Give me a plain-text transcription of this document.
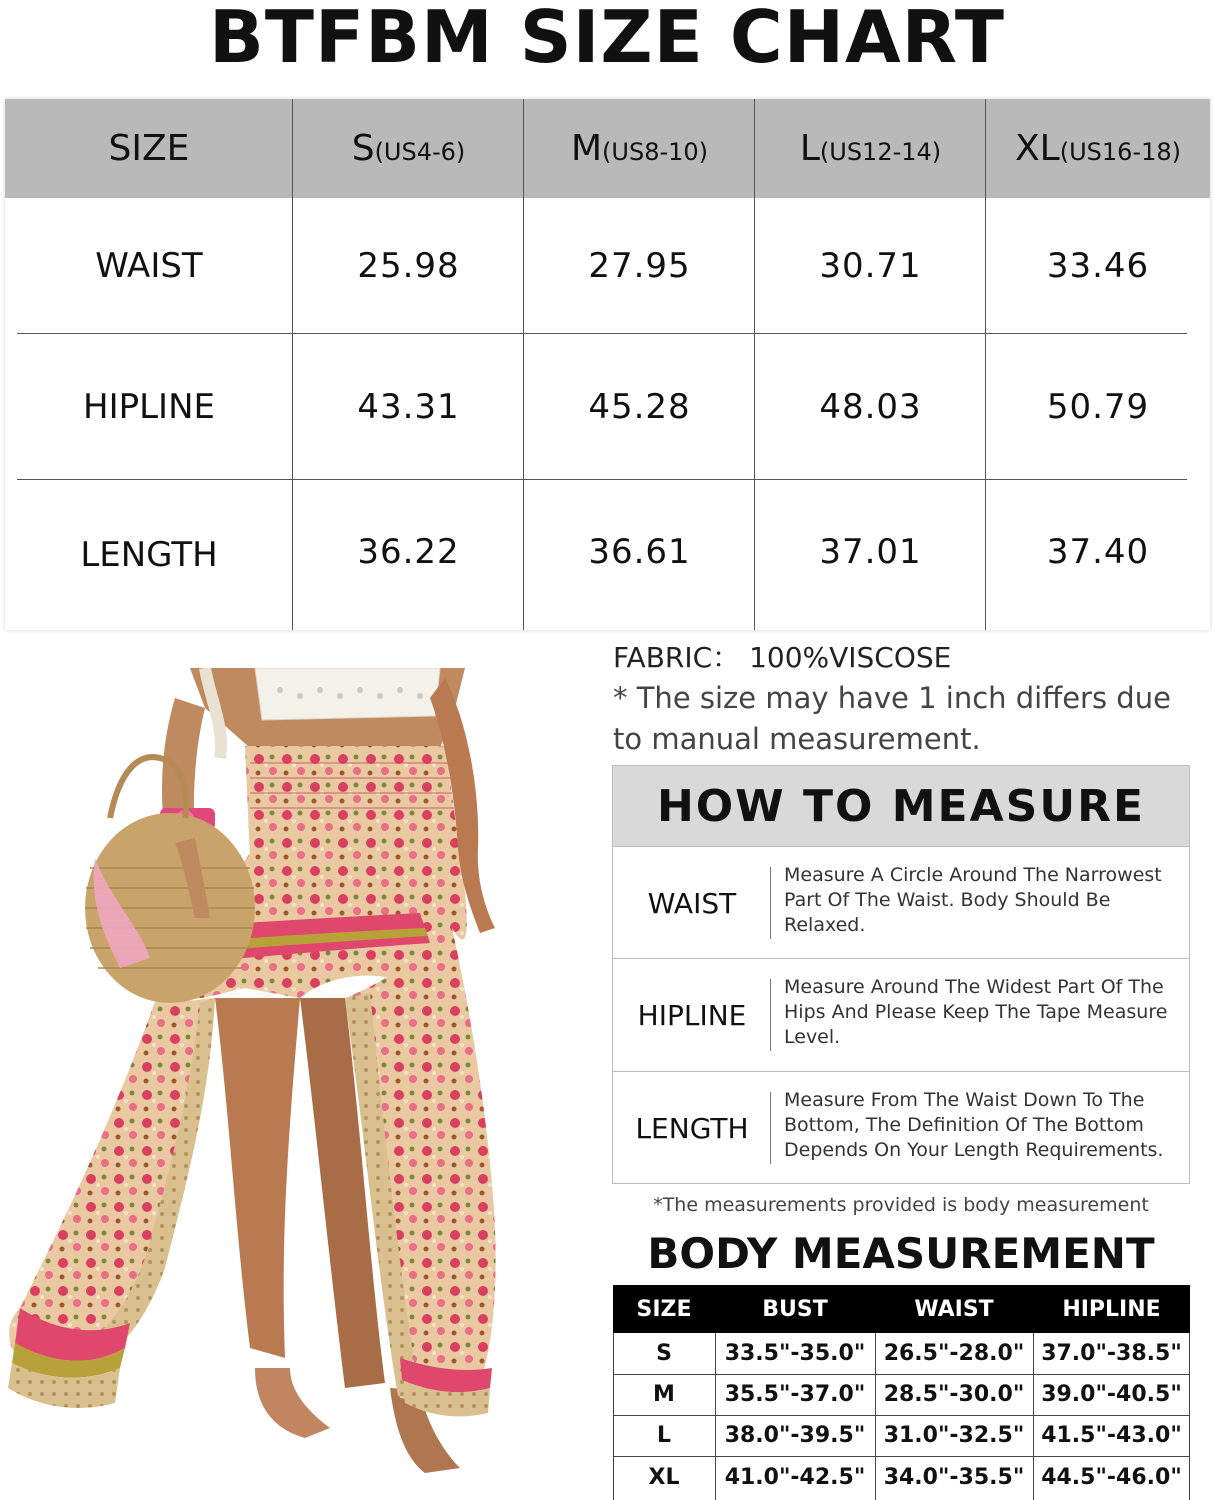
BTFBM SIZE CHART
SIZE	S (US4-6)	M (US8-10)	L (US12-14) XL (US16-18)
WAIST	25.98	27.95	30.71	33.46
HIPLINE	43.31	45.28	48.03	50.79
LENGTH	36.22	36.61	37.01	37.40
FABRIC： 100%VISCOSE
* The size may have 1 inch differs due to manual measurement.
HOW TO MEASURE
WAIST
Measure A Circle Around The Narrowest Part Of The Waist. Body Should Be Relaxed.
HIPLINE
Measure Around The Widest Part Of The Hips And Please Keep The Tape Measure Level.
LENGTH
Measure From The Waist Down To The Bottom, The Definition Of The Bottom Depends On Your Length Requirements.
*The measurements provided is body measurement
BODY MEASUREMENT
SIZE	BUST	WAIST	HIPLINE
S	33.5"-35.0" 26.5"-28.0" 37.0"-38.5"
M	35.5"-37.0" 28.5"-30.0" 39.0"-40.5"
L	38.0"-39.5" 31.0"-32.5" 41.5"-43.0"
XL	41.0"-42.5" 34.0"-35.5" 44.5"-46.0"
